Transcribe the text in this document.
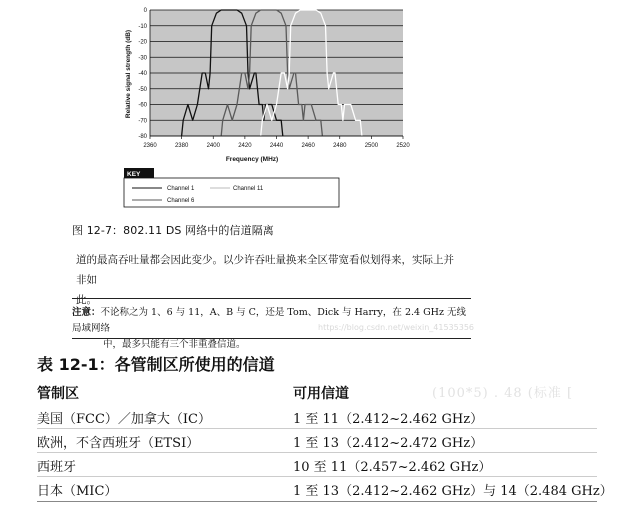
0
-10
-20
-30
-40
-50
-60
-70
-80
2360	2380	2400	2420	2440	2460	2480	2500	2520
Frequency (MHz)
Relative signal strength (dB)
KEY
Channel 1
Channel 6
Channel 11
图 12-7：802.11 DS 网络中的信道隔离
道的最高吞吐量都会因此变少。以少许吞吐量换来全区带宽看似划得来，实际上并非如
此。
注意：不论称之为 1、6 与 11，A、B 与 C，还是 Tom、Dick 与 Harry，在 2.4 GHz 无线局域网络
中，最多只能有三个非重叠信道。
https://blog.csdn.net/weixin_41535356
表 12-1：各管制区所使用的信道
管制区	可用信道	(100*5) . 48 (标准 [
美国（FCC）／加拿大（IC）	1 至 11（2.412~2.462 GHz）
欧洲，不含西班牙（ETSI）	1 至 13（2.412~2.472 GHz）
西班牙	10 至 11（2.457~2.462 GHz）
日本（MIC）	1 至 13（2.412~2.462 GHz）与 14（2.484 GHz）
